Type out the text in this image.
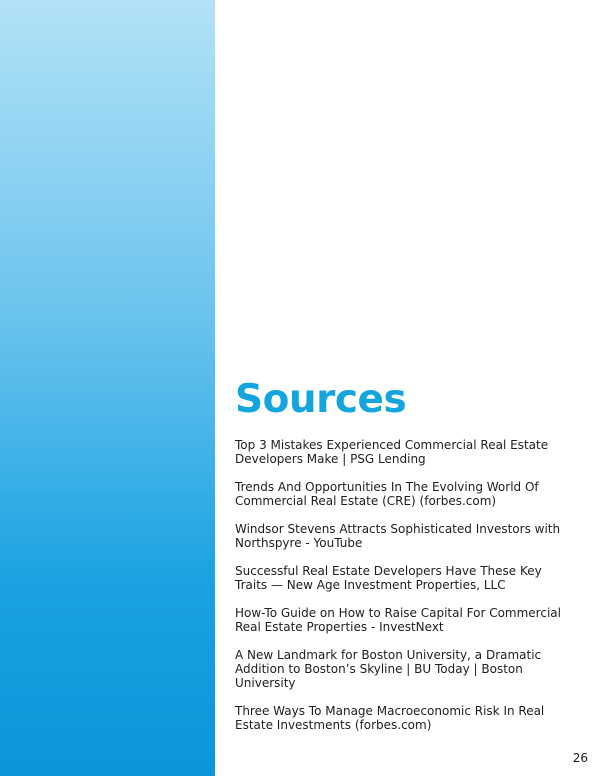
Sources
Top 3 Mistakes Experienced Commercial Real Estate Developers Make | PSG Lending
Trends And Opportunities In The Evolving World Of Commercial Real Estate (CRE) (forbes.com)
Windsor Stevens Attracts Sophisticated Investors with Northspyre - YouTube
Successful Real Estate Developers Have These Key Traits — New Age Investment Properties, LLC
How-To Guide on How to Raise Capital For Commercial Real Estate Properties - InvestNext
A New Landmark for Boston University, a Dramatic Addition to Boston’s Skyline | BU Today | Boston University
Three Ways To Manage Macroeconomic Risk In Real Estate Investments (forbes.com)
26
